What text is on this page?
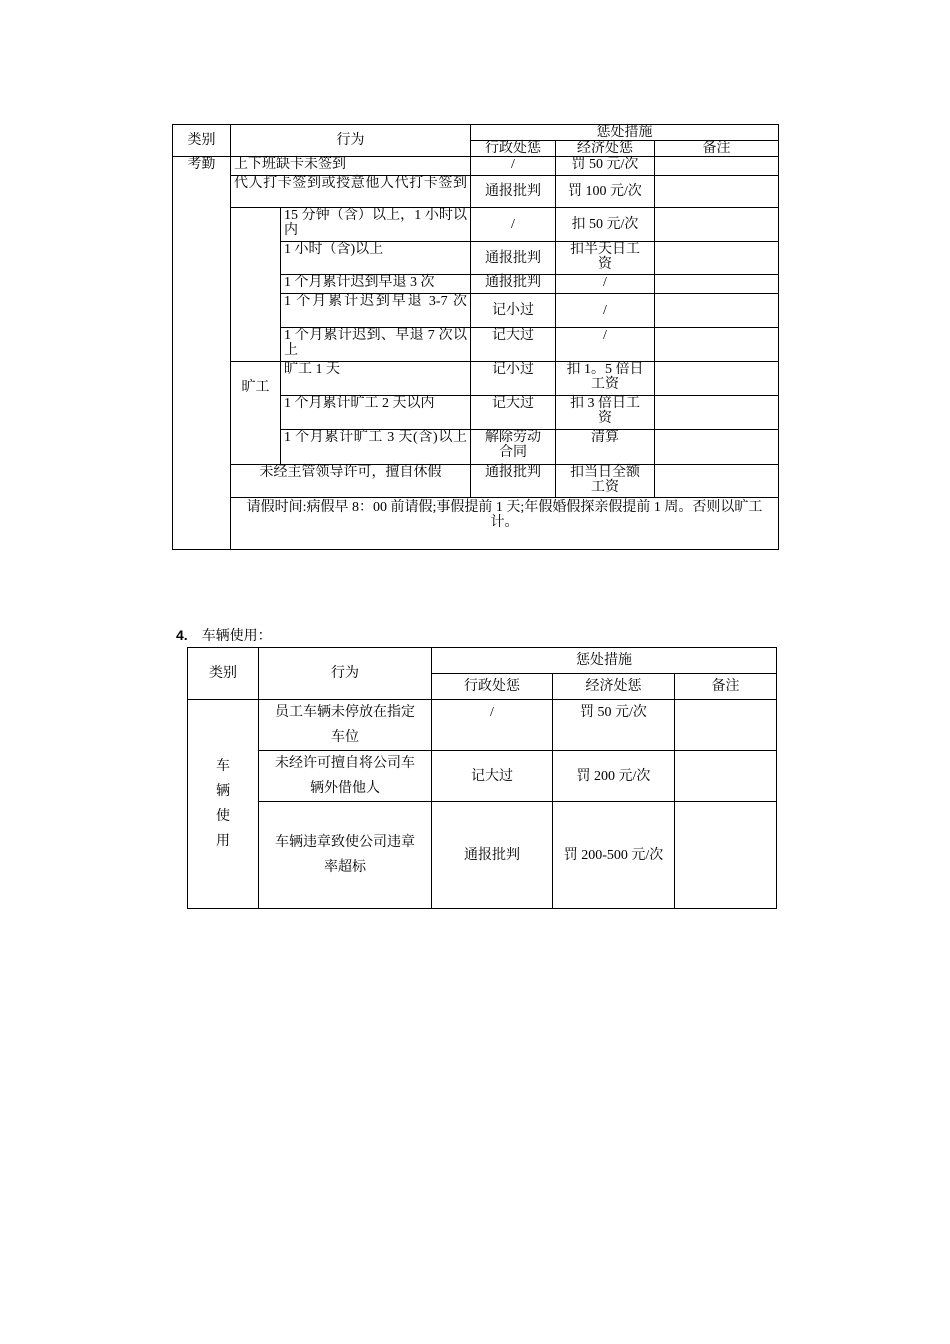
类别	行为		惩处措施		
			行政处惩	经济处惩	备注
考勤	上下班缺卡未签到		/	罚 50 元/次	
	代人打卡签到或授意他人代打卡签到		通报批判	罚 100 元/次	
		15 分钟（含）以上，1 小时以内	/	扣 50 元/次	
		1 小时（含)以上	通报批判	扣半天日工资	
		1 个月累计迟到早退 3 次	通报批判	/	
		1 个月累计迟到早退 3-7 次	记小过	/	
		1 个月累计迟到、早退 7 次以上	记大过	/	
	旷工	旷工 1 天	记小过	扣 1。5 倍日工资	
		1 个月累计旷工 2 天以内	记大过	扣 3 倍日工资	
		1 个月累计旷工 3 天(含)以上	解除劳动合同	清算	
	未经主管领导许可，擅自休假		通报批判	扣当日全额工资	
	请假时间:病假早 8：00 前请假;事假提前 1 天;年假婚假探亲假提前 1 周。否则以旷工计。				
4. 车辆使用：
类别	行为	惩处措施		
		行政处惩	经济处惩	备注

车
辆
使
用	员工车辆未停放在指定车位	/	罚 50 元/次	
	未经许可擅自将公司车辆外借他人	记大过	罚 200 元/次	
	车辆违章致使公司违章率超标	通报批判	罚 200-500 元/次	
